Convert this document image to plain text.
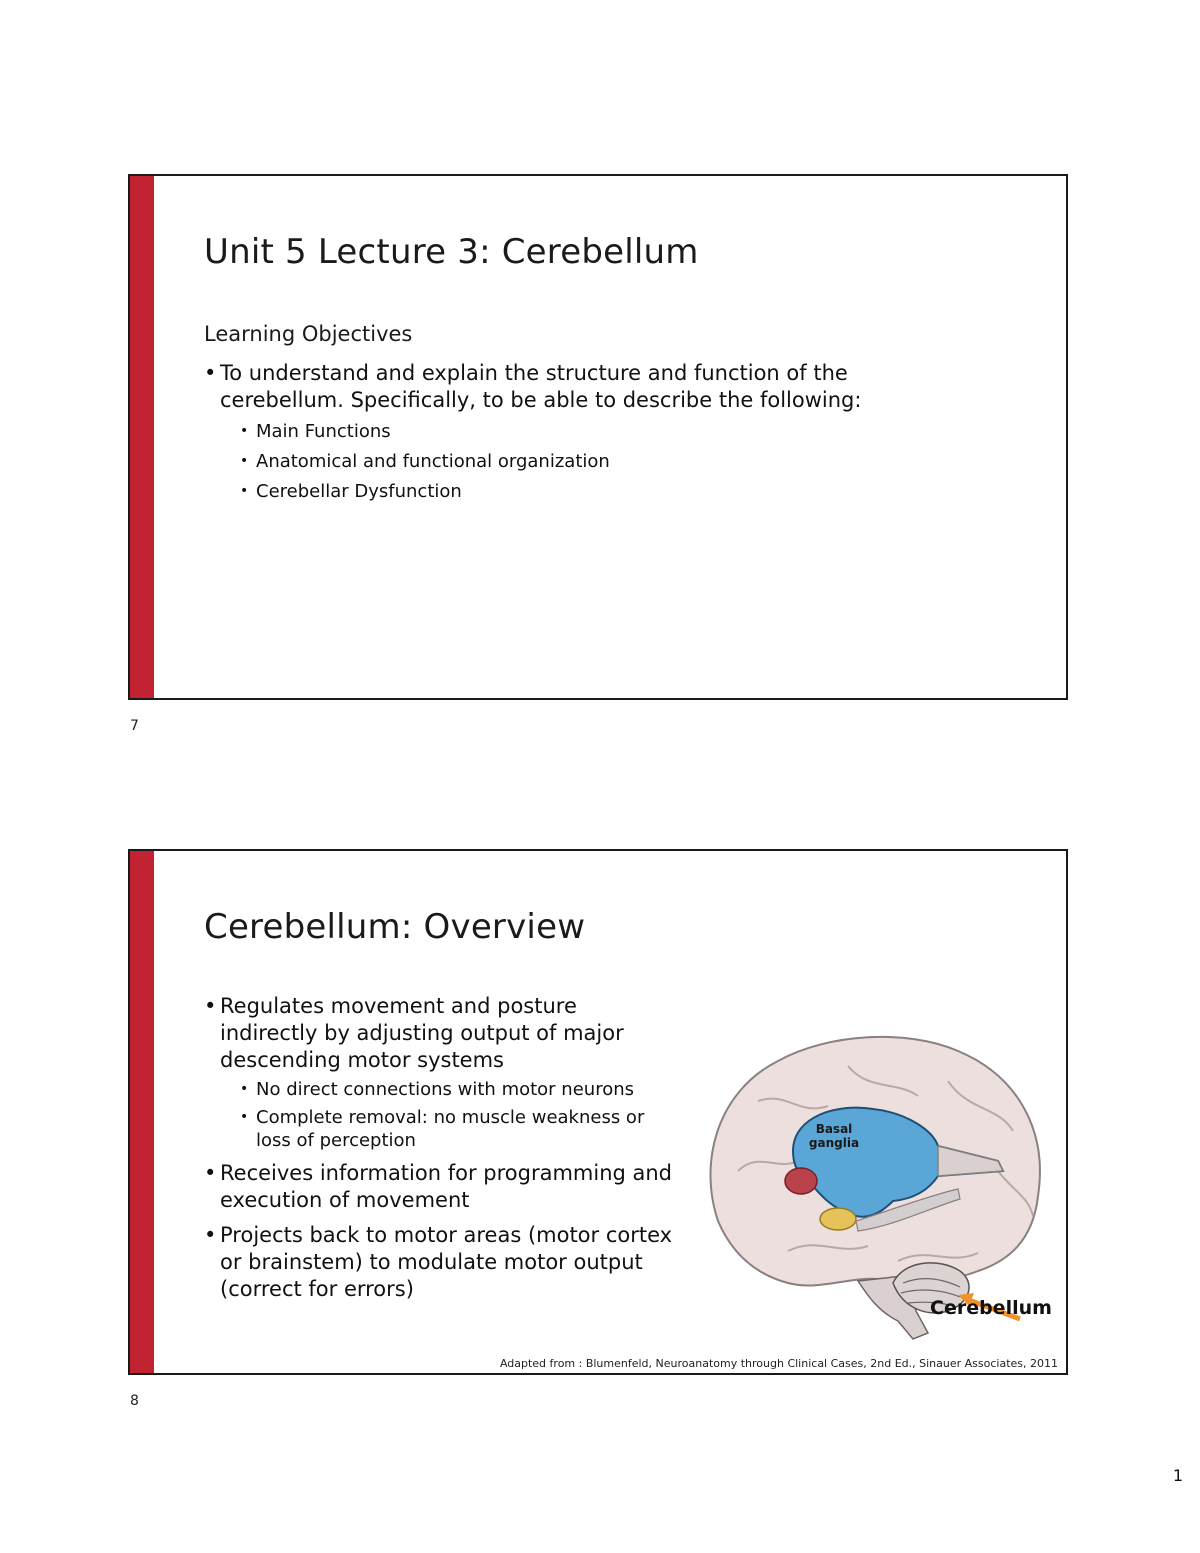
Unit 5 Lecture 3: Cerebellum
Learning Objectives
• To understand and explain the structure and function of the cerebellum. Specifically, to be able to describe the following:
• Main Functions
• Anatomical and functional organization
• Cerebellar Dysfunction
7
Cerebellum: Overview
• Regulates movement and posture indirectly by adjusting output of major descending motor systems
• No direct connections with motor neurons
• Complete removal: no muscle weakness or loss of perception
• Receives information for programming and execution of movement
• Projects back to motor areas (motor cortex or brainstem) to modulate motor output (correct for errors)
Basal ganglia
Cerebellum
Adapted from : Blumenfeld, Neuroanatomy through Clinical Cases, 2nd Ed., Sinauer Associates, 2011
8
1
